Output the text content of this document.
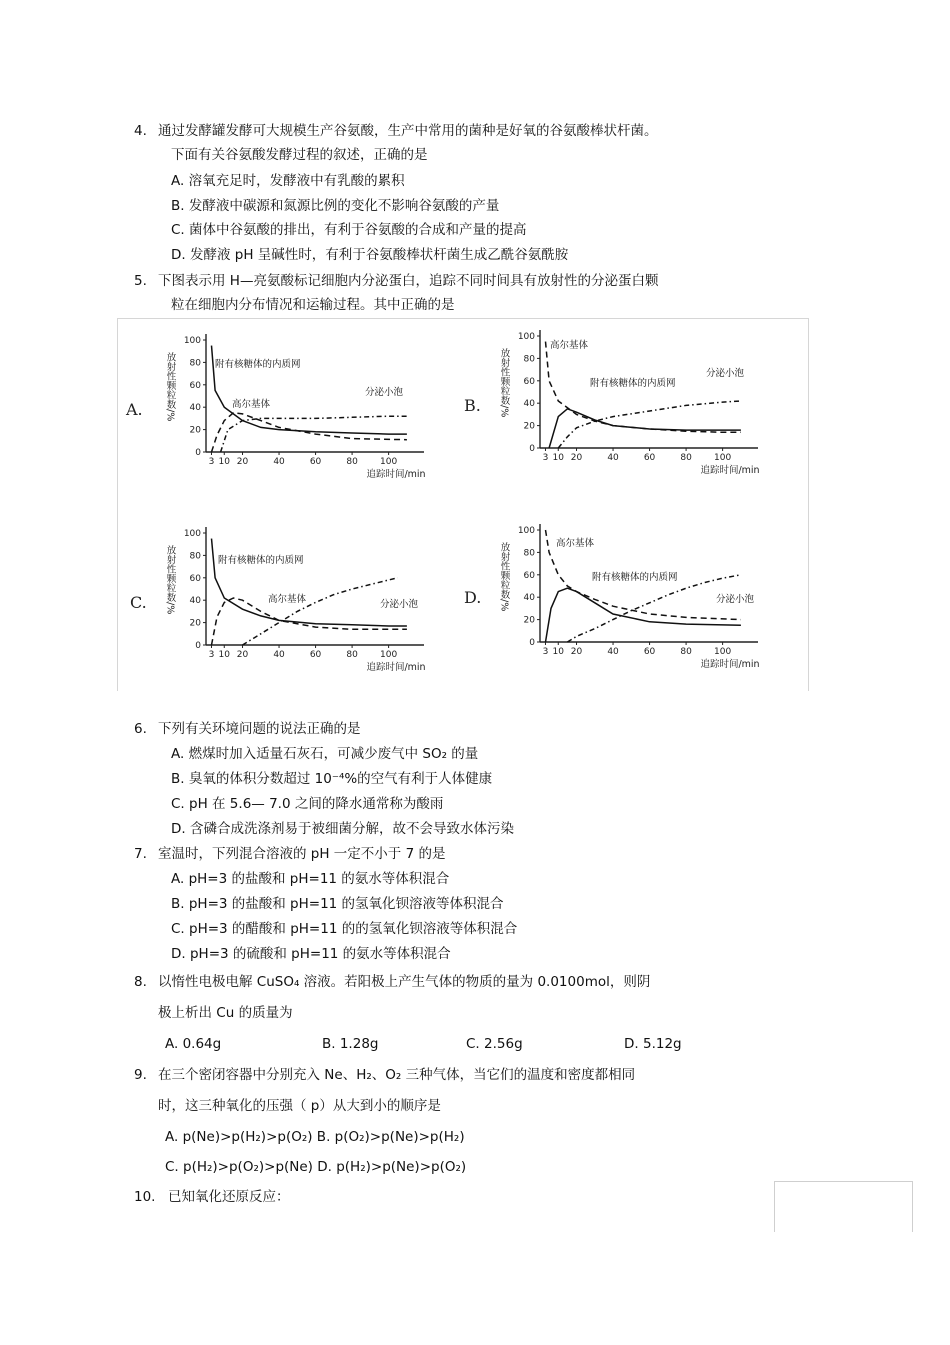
4. 通过发酵罐发酵可大规模生产谷氨酸，生产中常用的菌种是好氧的谷氨酸棒状杆菌。
下面有关谷氨酸发酵过程的叙述，正确的是
A. 溶氧充足时，发酵液中有乳酸的累积
B. 发酵液中碳源和氮源比例的变化不影响谷氨酸的产量
C. 菌体中谷氨酸的排出，有利于谷氨酸的合成和产量的提高
D. 发酵液 pH 呈碱性时，有利于谷氨酸棒状杆菌生成乙酰谷氨酰胺
5. 下图表示用 H—亮氨酸标记细胞内分泌蛋白，追踪不同时间具有放射性的分泌蛋白颗
粒在细胞内分布情况和运输过程。其中正确的是
A.	B.
C.	D.
0
20
40
60
80
100
3 10 20	40	60	80 100
放射性颗粒数/%
追踪时间/min
附有核糖体的内质网
高尔基体
分泌小泡
0
20
40
60
80
100
3 10 20	40	60	80 100
放射性颗粒数/%
追踪时间/min
高尔基体
附有核糖体的内质网
分泌小泡
0
20
40
60
80
100
3 10 20	40	60	80 100
放射性颗粒数/%
追踪时间/min
附有核糖体的内质网
高尔基体	分泌小泡
0
20
40
60
80
100
3 10 20	40	60	80 100
放射性颗粒数/%
追踪时间/min
高尔基体
附有核糖体的内质网
分泌小泡
6. 下列有关环境问题的说法正确的是
A. 燃煤时加入适量石灰石，可减少废气中 SO₂ 的量
B. 臭氧的体积分数超过 10⁻⁴%的空气有利于人体健康
C. pH 在 5.6— 7.0 之间的降水通常称为酸雨
D. 含磷合成洗涤剂易于被细菌分解，故不会导致水体污染
7. 室温时，下列混合溶液的 pH 一定不小于 7 的是
A. pH=3 的盐酸和 pH=11 的氨水等体积混合
B. pH=3 的盐酸和 pH=11 的氢氧化钡溶液等体积混合
C. pH=3 的醋酸和 pH=11 的的氢氧化钡溶液等体积混合
D. pH=3 的硫酸和 pH=11 的氨水等体积混合
8. 以惰性电极电解 CuSO₄ 溶液。若阳极上产生气体的物质的量为 0.0100mol，则阴
极上析出 Cu 的质量为
A. 0.64g	B. 1.28g	C. 2.56g	D. 5.12g
9. 在三个密闭容器中分别充入 Ne、H₂、O₂ 三种气体，当它们的温度和密度都相同
时，这三种氧化的压强（ p）从大到小的顺序是
A. p(Ne)>p(H₂)>p(O₂) B. p(O₂)>p(Ne)>p(H₂)
C. p(H₂)>p(O₂)>p(Ne) D. p(H₂)>p(Ne)>p(O₂)
10. 已知氧化还原反应：
